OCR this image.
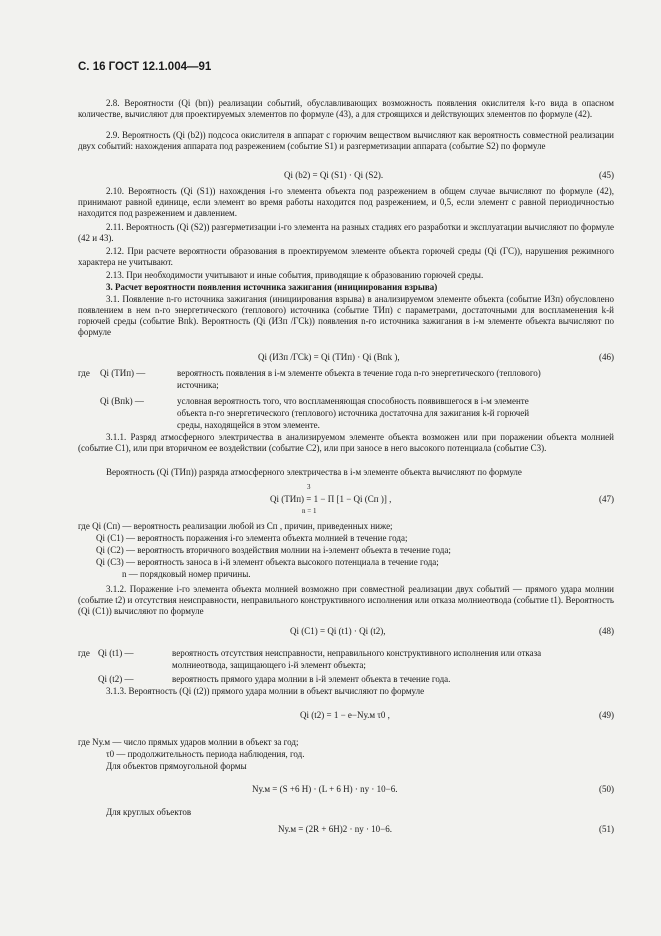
С. 16 ГОСТ 12.1.004—91
2.8. Вероятности (Qi (bп)) реализации событий, обуславливающих возможность появления окислителя k-го вида в опасном количестве, вычисляют для проектируемых элементов по формуле (43), а для строящихся и действующих элементов по формуле (42).
2.9. Вероятность (Qi (b2)) подсоса окислителя в аппарат с горючим веществом вычисляют как вероятность совместной реализации двух событий: нахождения аппарата под разрежением (событие S1) и разгерметизации аппарата (событие S2) по формуле
Qi (b2) = Qi (S1) · Qi (S2).	(45)
2.10. Вероятность (Qi (S1)) нахождения i-го элемента объекта под разрежением в общем случае вычисляют по формуле (42), принимают равной единице, если элемент во время работы находится под разрежением, и 0,5, если элемент с равной периодичностью находится под разрежением и давлением.
2.11. Вероятность (Qi (S2)) разгерметизации i-го элемента на разных стадиях его разработки и эксплуатации вычисляют по формуле (42 и 43).
2.12. При расчете вероятности образования в проектируемом элементе объекта горючей среды (Qi (ГС)), нарушения режимного характера не учитывают.
2.13. При необходимости учитывают и иные события, приводящие к образованию горючей среды.
3. Расчет вероятности появления источника зажигания (инициирования взрыва)
3.1. Появление n-го источника зажигания (инициирования взрыва) в анализируемом элементе объекта (событие ИЗп) обусловлено появлением в нем n-го энергетического (теплового) источника (событие ТИп) с параметрами, достаточными для воспламенения k-й горючей среды (событие Впk). Вероятность (Qi (ИЗп /ГСk)) появления n-го источника зажигания в i-м элементе объекта вычисляют по формуле
Qi (ИЗп /ГСk) = Qi (ТИп) · Qi (Впk ),	(46)
где Qi (ТИп) —	вероятность появления в i-м элементе объекта в течение года n-го энергетического (теплового)
источника;
Qi (Впk) —	условная вероятность того, что воспламеняющая способность появившегося в i-м элементе
объекта n-го энергетического (теплового) источника достаточна для зажигания k-й горючей
среды, находящейся в этом элементе.
3.1.1. Разряд атмосферного электричества в анализируемом элементе объекта возможен или при поражении объекта молнией (событие С1), или при вторичном ее воздействии (событие С2), или при заносе в него высокого потенциала (событие С3).
Вероятность (Qi (ТИп)) разряда атмосферного электричества в i-м элементе объекта вычисляют по формуле
3
Qi (ТИп) = 1 − Π [1 − Qi (Сп )] ,
n = 1
(47)
где Qi (Сп) — вероятность реализации любой из Сп , причин, приведенных ниже;
Qi (С1) — вероятность поражения i-го элемента объекта молнией в течение года;
Qi (С2) — вероятность вторичного воздействия молнии на i-элемент объекта в течение года;
Qi (С3) — вероятность заноса в i-й элемент объекта высокого потенциала в течение года;
n — порядковый номер причины.
3.1.2. Поражение i-го элемента объекта молнией возможно при совместной реализации двух событий — прямого удара молнии (событие t2) и отсутствия неисправности, неправильного конструктивного исполнения или отказа молниеотвода (событие t1). Вероятность (Qi (С1)) вычисляют по формуле
Qi (С1) = Qi (t1) · Qi (t2),	(48)
где Qi (t1) —	вероятность отсутствия неисправности, неправильного конструктивного исполнения или отказа
молниеотвода, защищающего i-й элемент объекта;
Qi (t2) —	вероятность прямого удара молнии в i-й элемент объекта в течение года.
3.1.3. Вероятность (Qi (t2)) прямого удара молнии в объект вычисляют по формуле
Qi (t2) = 1 − e−Nу.м τ0 ,	(49)
где Nу.м — число прямых ударов молнии в объект за год;
τ0 — продолжительность периода наблюдения, год.
Для объектов прямоугольной формы
Nу.м = (S +6 H) · (L + 6 H) · nу · 10−6.	(50)
Для круглых объектов
Nу.м = (2R + 6H)2 · nу · 10−6.	(51)
